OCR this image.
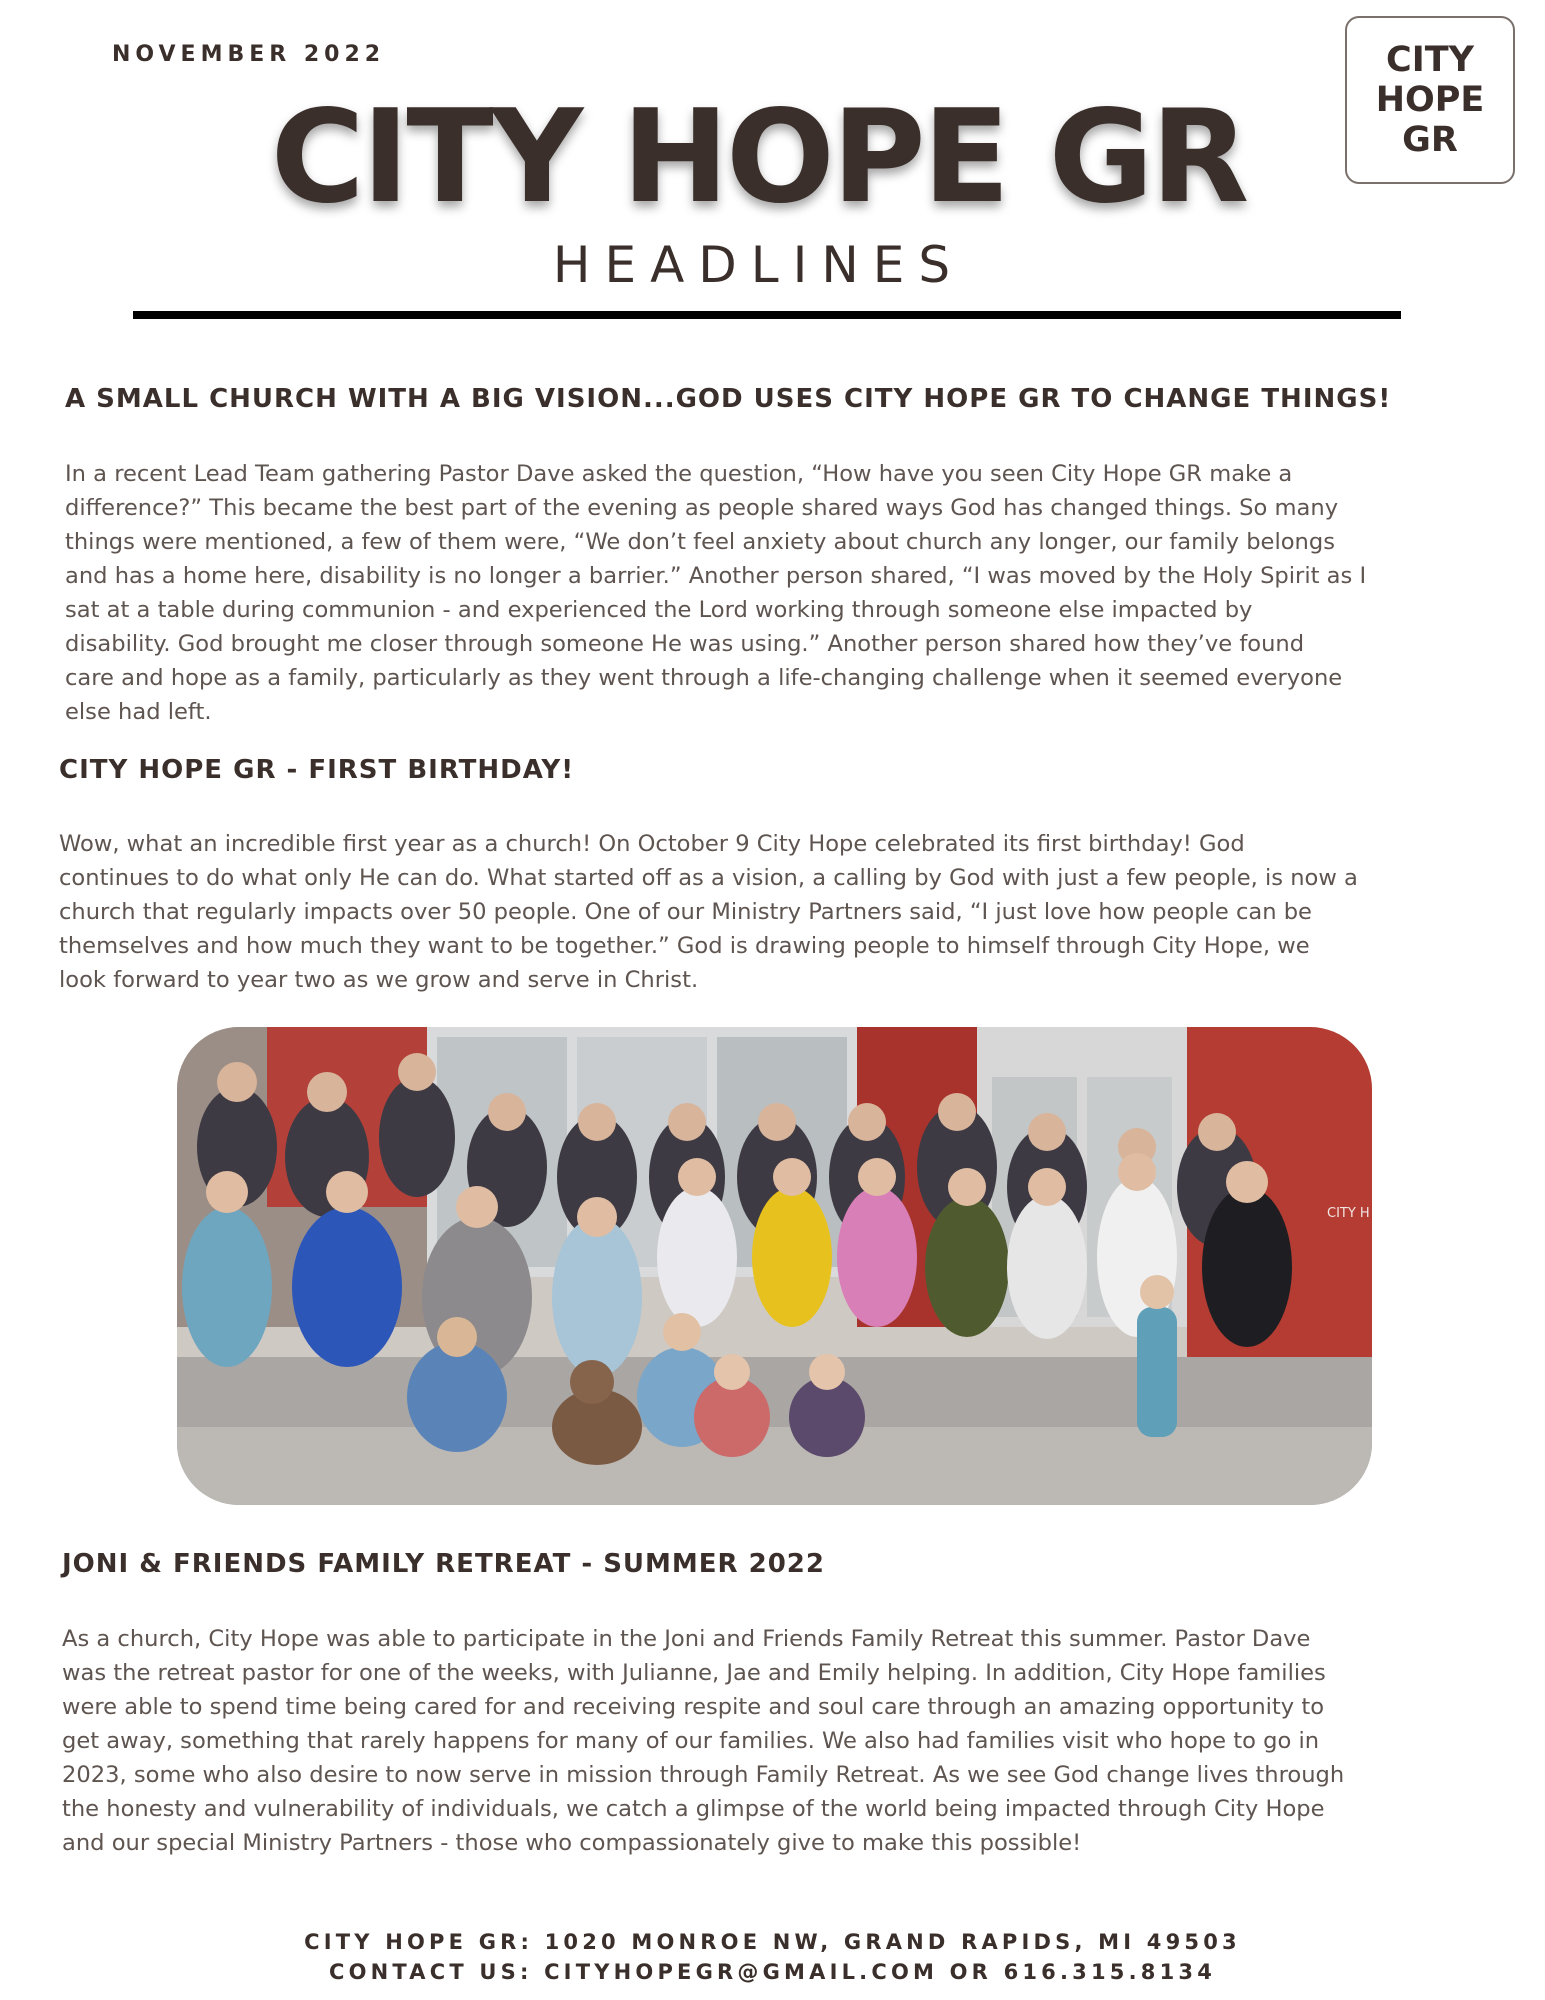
NOVEMBER 2022
CITY HOPE GR
HEADLINES
CITY
HOPE
GR
A SMALL CHURCH WITH A BIG VISION...GOD USES CITY HOPE GR TO CHANGE THINGS!
In a recent Lead Team gathering Pastor Dave asked the question, “How have you seen City Hope GR make a
difference?” This became the best part of the evening as people shared ways God has changed things. So many
things were mentioned, a few of them were, “We don’t feel anxiety about church any longer, our family belongs
and has a home here, disability is no longer a barrier.” Another person shared, “I was moved by the Holy Spirit as I
sat at a table during communion - and experienced the Lord working through someone else impacted by
disability. God brought me closer through someone He was using.” Another person shared how they’ve found
care and hope as a family, particularly as they went through a life-changing challenge when it seemed everyone
else had left.
CITY HOPE GR - FIRST BIRTHDAY!
Wow, what an incredible first year as a church! On October 9 City Hope celebrated its first birthday! God
continues to do what only He can do. What started off as a vision, a calling by God with just a few people, is now a
church that regularly impacts over 50 people. One of our Ministry Partners said, “I just love how people can be
themselves and how much they want to be together.” God is drawing people to himself through City Hope, we
look forward to year two as we grow and serve in Christ.
CITY H
JONI & FRIENDS FAMILY RETREAT - SUMMER 2022
As a church, City Hope was able to participate in the Joni and Friends Family Retreat this summer. Pastor Dave
was the retreat pastor for one of the weeks, with Julianne, Jae and Emily helping. In addition, City Hope families
were able to spend time being cared for and receiving respite and soul care through an amazing opportunity to
get away, something that rarely happens for many of our families. We also had families visit who hope to go in
2023, some who also desire to now serve in mission through Family Retreat. As we see God change lives through
the honesty and vulnerability of individuals, we catch a glimpse of the world being impacted through City Hope
and our special Ministry Partners - those who compassionately give to make this possible!
CITY HOPE GR: 1020 MONROE NW, GRAND RAPIDS, MI 49503
CONTACT US: CITYHOPEGR@GMAIL.COM OR 616.315.8134
